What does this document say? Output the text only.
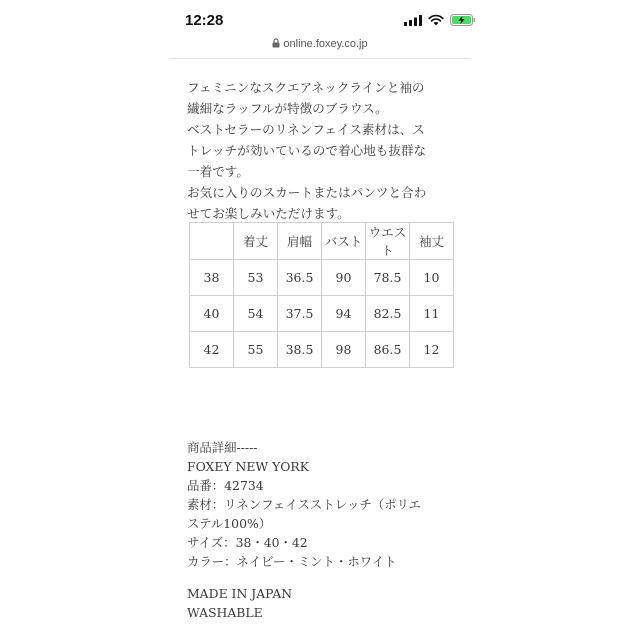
12:28
online.foxey.co.jp
フェミニンなスクエアネックラインと袖の
繊細なラッフルが特徴のブラウス。
ベストセラーのリネンフェイス素材は、ス
トレッチが効いているので着心地も抜群な
一着です。
お気に入りのスカートまたはパンツと合わ
せてお楽しみいただけます。
	着丈	肩幅	バスト	ウエスト	袖丈
38	53	36.5	90	78.5	10
40	54	37.5	94	82.5	11
42	55	38.5	98	86.5	12
商品詳細-----
FOXEY NEW YORK
品番：42734
素材：リネンフェイスストレッチ（ポリエ
ステル100%）
サイズ：38・40・42
カラー：ネイビー・ミント・ホワイト
MADE IN JAPAN
WASHABLE
